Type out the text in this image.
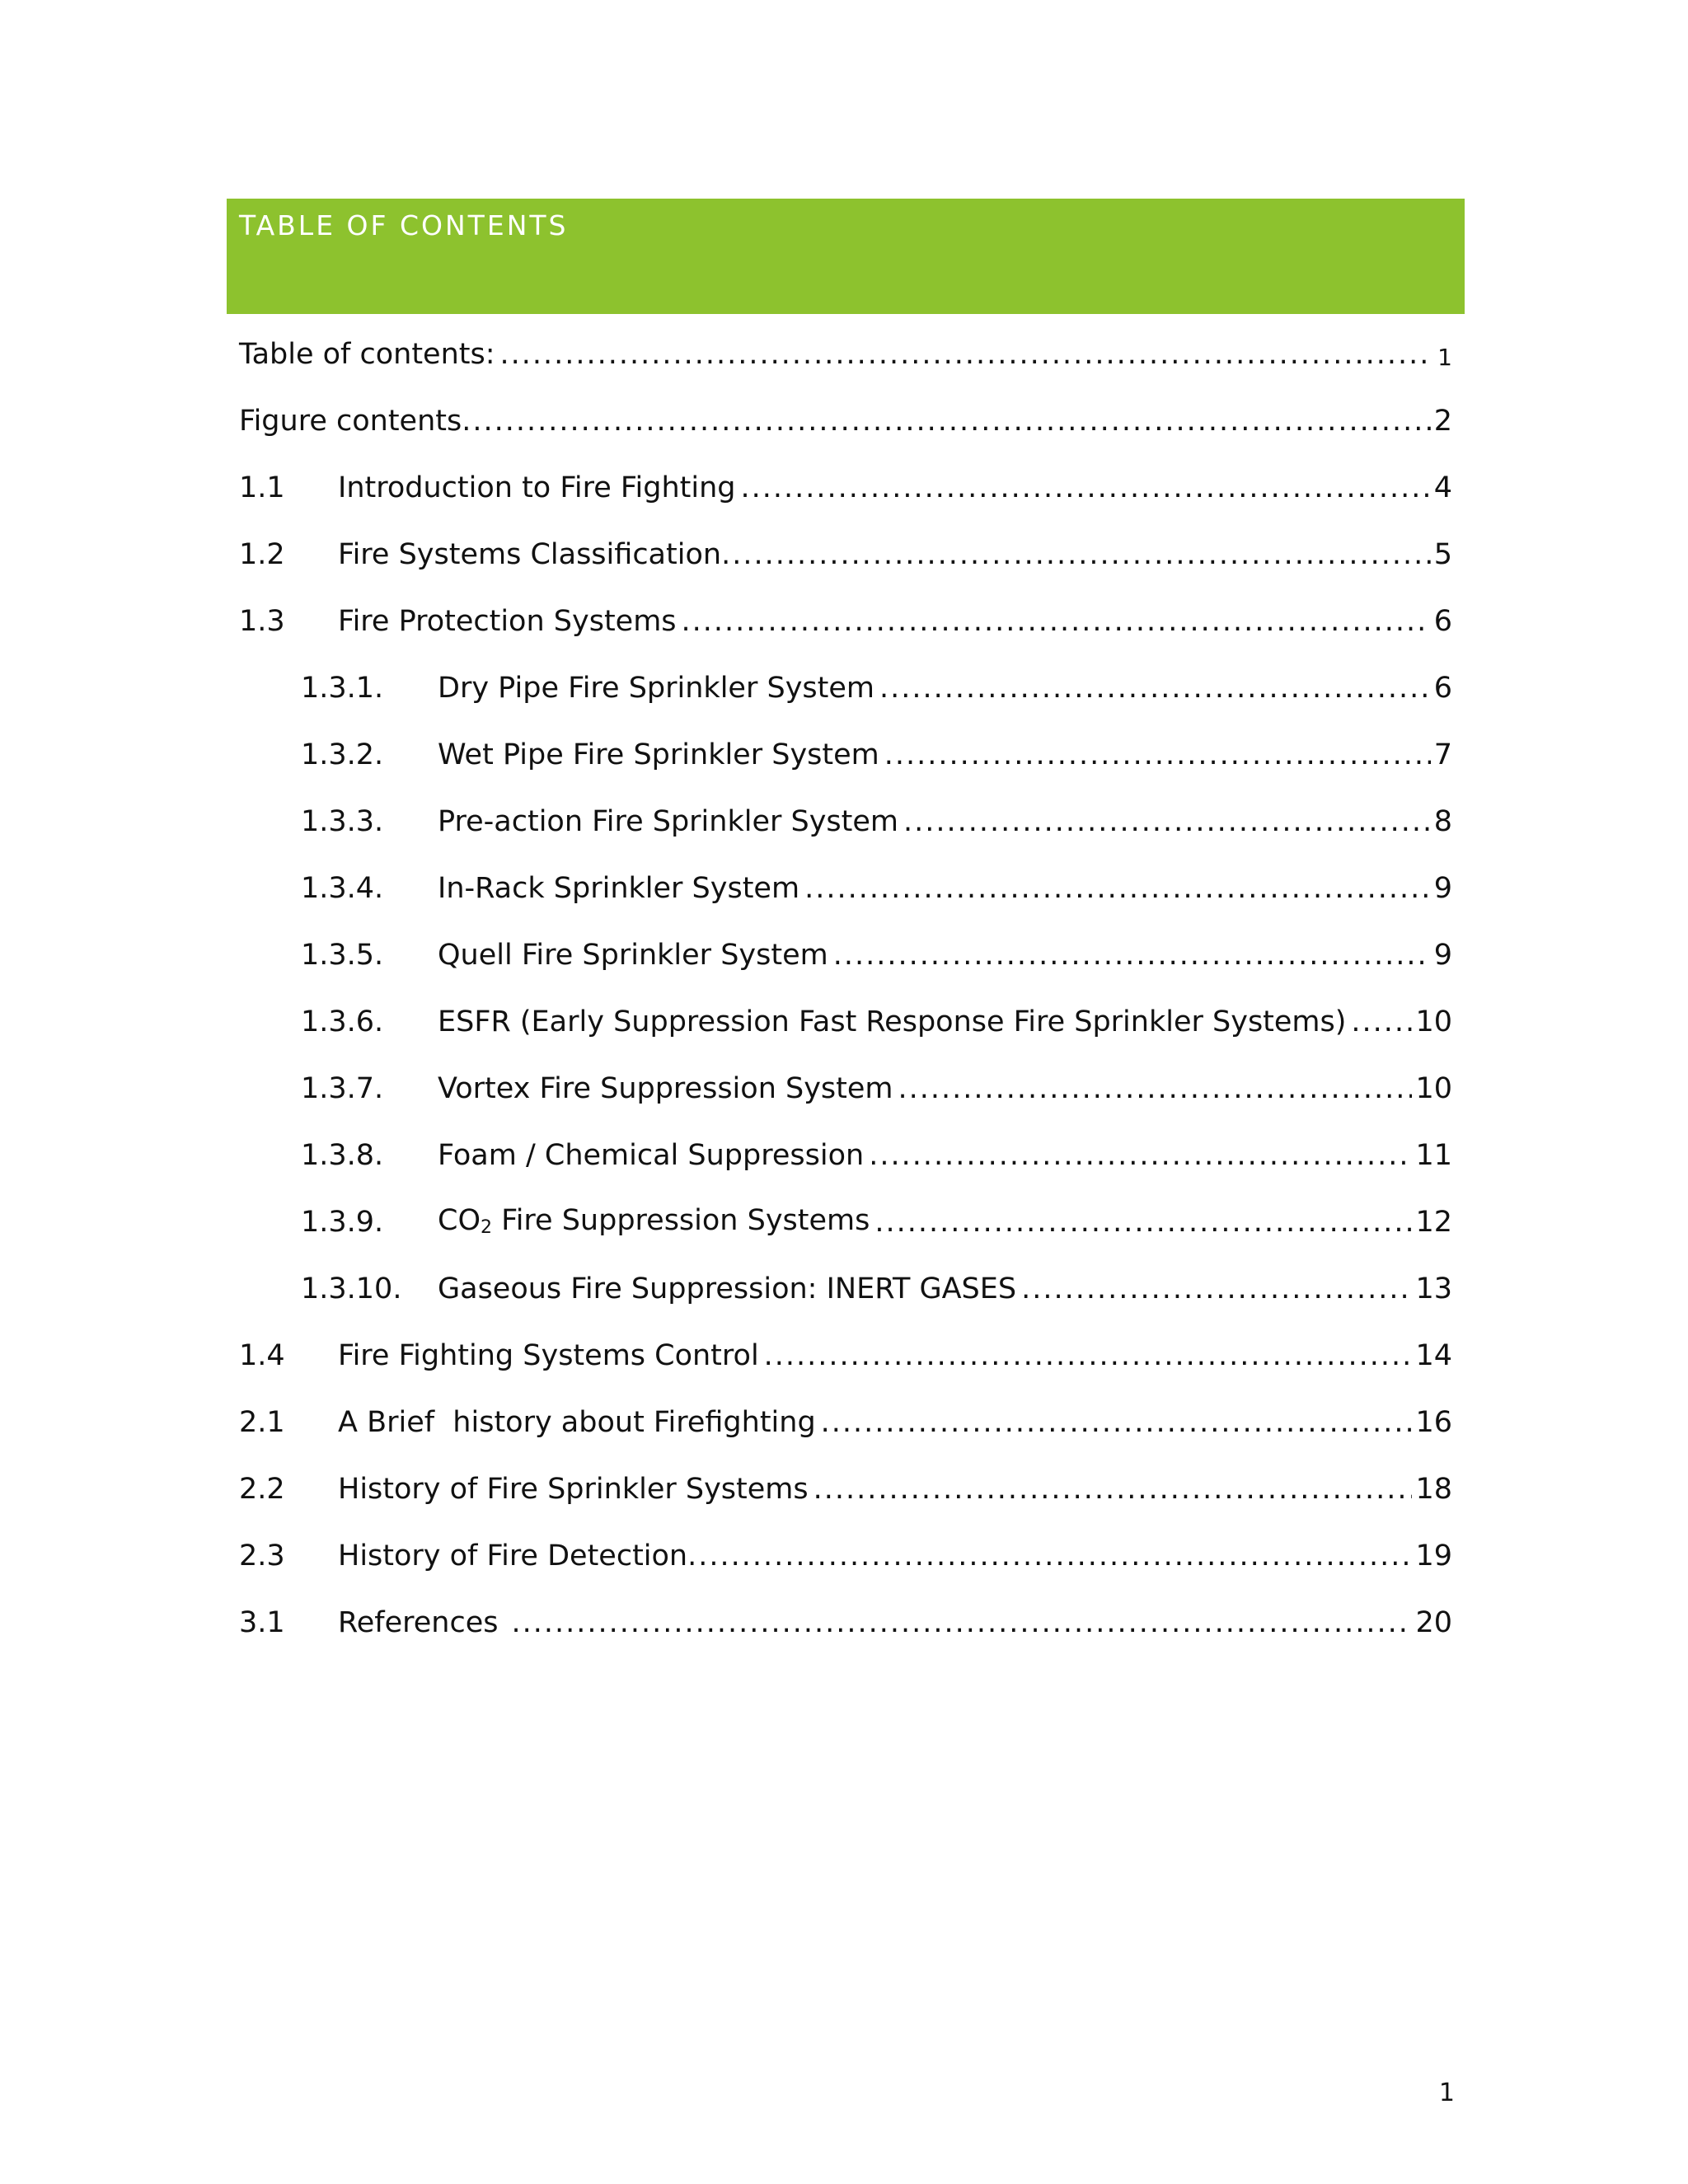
TABLE OF CONTENTS
Table of contents: .....	1
Figure contents .....	2
1.1	Introduction to Fire Fighting .....	4
1.2	Fire Systems Classification .....	5
1.3	Fire Protection Systems .....	6
1.3.1.	Dry Pipe Fire Sprinkler System .....	6
1.3.2.	Wet Pipe Fire Sprinkler System .....	7
1.3.3.	Pre-action Fire Sprinkler System .....	8
1.3.4.	In-Rack Sprinkler System .....	9
1.3.5.	Quell Fire Sprinkler System .....	9
1.3.6.	ESFR (Early Suppression Fast Response Fire Sprinkler Systems) ..... 10
1.3.7.	Vortex Fire Suppression System .....	10
1.3.8.	Foam / Chemical Suppression .....	11
1.3.9.	CO2 Fire Suppression Systems .....	12
1.3.10.	Gaseous Fire Suppression: INERT GASES .....	13
1.4	Fire Fighting Systems Control .....	14
2.1	A Brief  history about Firefighting .....	16
2.2	History of Fire Sprinkler Systems .....	18
2.3	History of Fire Detection .....	19
3.1	References .....	20
1
